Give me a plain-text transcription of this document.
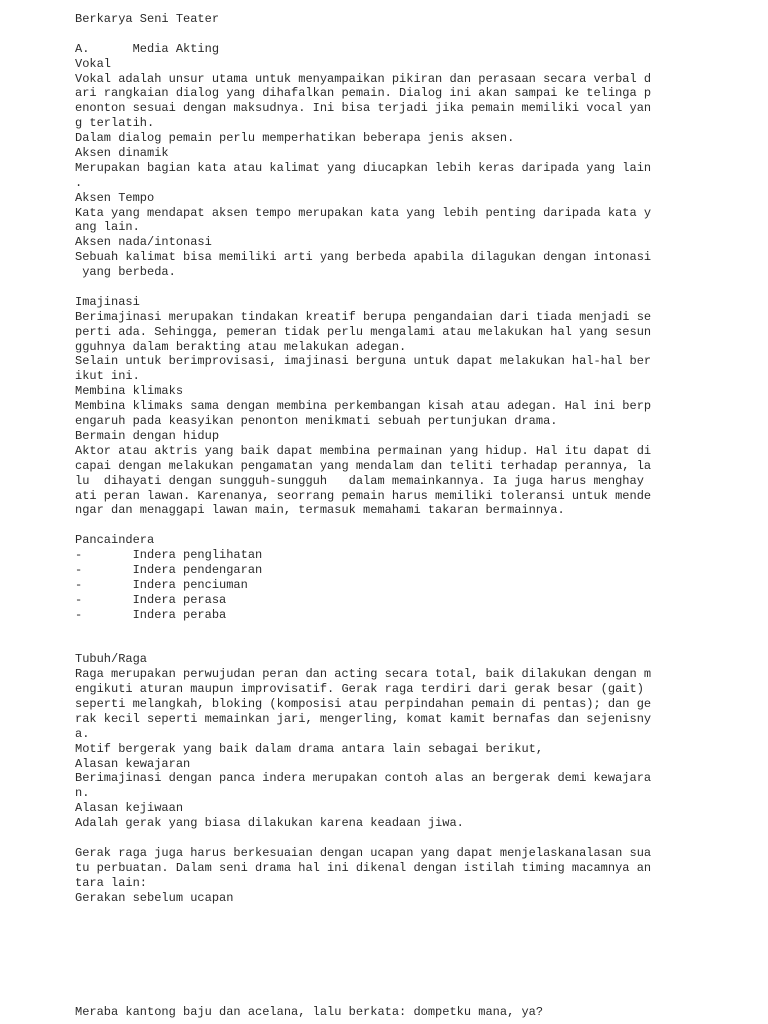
Berkarya Seni Teater
A.      Media Akting
Vokal
Vokal adalah unsur utama untuk menyampaikan pikiran dan perasaan secara verbal d
ari rangkaian dialog yang dihafalkan pemain. Dialog ini akan sampai ke telinga p
enonton sesuai dengan maksudnya. Ini bisa terjadi jika pemain memiliki vocal yan
g terlatih.
Dalam dialog pemain perlu memperhatikan beberapa jenis aksen.
Aksen dinamik
Merupakan bagian kata atau kalimat yang diucapkan lebih keras daripada yang lain
.
Aksen Tempo
Kata yang mendapat aksen tempo merupakan kata yang lebih penting daripada kata y
ang lain.
Aksen nada/intonasi
Sebuah kalimat bisa memiliki arti yang berbeda apabila dilagukan dengan intonasi
yang berbeda.
Imajinasi
Berimajinasi merupakan tindakan kreatif berupa pengandaian dari tiada menjadi se
perti ada. Sehingga, pemeran tidak perlu mengalami atau melakukan hal yang sesun
gguhnya dalam berakting atau melakukan adegan.
Selain untuk berimprovisasi, imajinasi berguna untuk dapat melakukan hal-hal ber
ikut ini.
Membina klimaks
Membina klimaks sama dengan membina perkembangan kisah atau adegan. Hal ini berp
engaruh pada keasyikan penonton menikmati sebuah pertunjukan drama.
Bermain dengan hidup
Aktor atau aktris yang baik dapat membina permainan yang hidup. Hal itu dapat di
capai dengan melakukan pengamatan yang mendalam dan teliti terhadap perannya, la
lu  dihayati dengan sungguh-sungguh   dalam memainkannya. Ia juga harus menghay
ati peran lawan. Karenanya, seorrang pemain harus memiliki toleransi untuk mende
ngar dan menaggapi lawan main, termasuk memahami takaran bermainnya.
Pancaindera
-       Indera penglihatan
-       Indera pendengaran
-       Indera penciuman
-       Indera perasa
-       Indera peraba
Tubuh/Raga
Raga merupakan perwujudan peran dan acting secara total, baik dilakukan dengan m
engikuti aturan maupun improvisatif. Gerak raga terdiri dari gerak besar (gait)
seperti melangkah, bloking (komposisi atau perpindahan pemain di pentas); dan ge
rak kecil seperti memainkan jari, mengerling, komat kamit bernafas dan sejenisny
a.
Motif bergerak yang baik dalam drama antara lain sebagai berikut,
Alasan kewajaran
Berimajinasi dengan panca indera merupakan contoh alas an bergerak demi kewajara
n.
Alasan kejiwaan
Adalah gerak yang biasa dilakukan karena keadaan jiwa.
Gerak raga juga harus berkesuaian dengan ucapan yang dapat menjelaskanalasan sua
tu perbuatan. Dalam seni drama hal ini dikenal dengan istilah timing macamnya an
tara lain:
Gerakan sebelum ucapan
Meraba kantong baju dan acelana, lalu berkata: dompetku mana, ya?
